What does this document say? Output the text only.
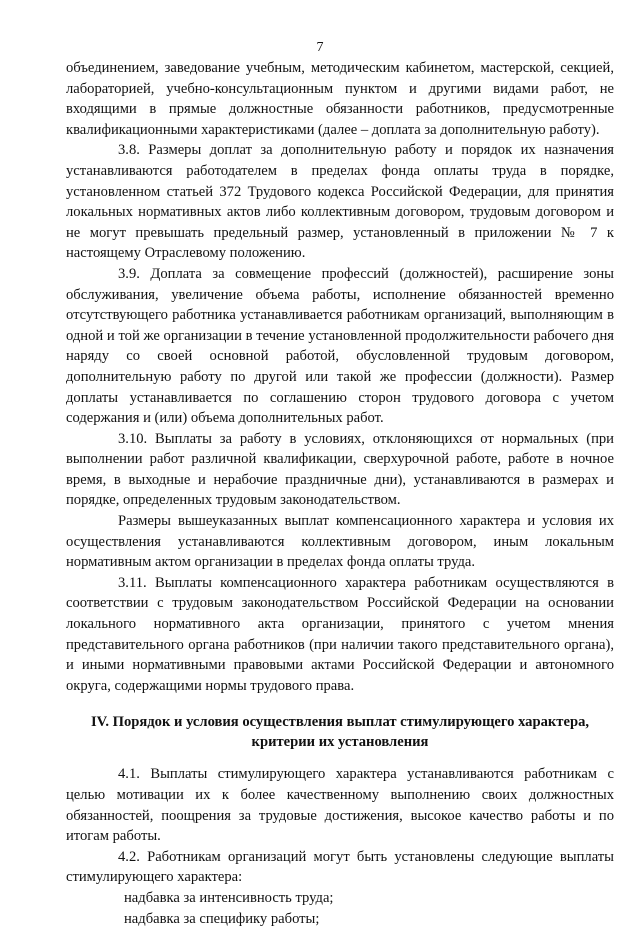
7

объединением, заведование учебным, методическим кабинетом, мастерской, секцией, лабораторией, учебно-консультационным пунктом и другими видами работ, не входящими в прямые должностные обязанности работников, предусмотренные квалификационными характеристиками (далее – доплата за дополнительную работу).

3.8. Размеры доплат за дополнительную работу и порядок их назначения устанавливаются работодателем в пределах фонда оплаты труда в порядке, установленном статьей 372 Трудового кодекса Российской Федерации, для принятия локальных нормативных актов либо коллективным договором, трудовым договором и не могут превышать предельный размер, установленный в приложении № 7 к настоящему Отраслевому положению.

3.9. Доплата за совмещение профессий (должностей), расширение зоны обслуживания, увеличение объема работы, исполнение обязанностей временно отсутствующего работника устанавливается работникам организаций, выполняющим в одной и той же организации в течение установленной продолжительности рабочего дня наряду со своей основной работой, обусловленной трудовым договором, дополнительную работу по другой или такой же профессии (должности). Размер доплаты устанавливается по соглашению сторон трудового договора с учетом содержания и (или) объема дополнительных работ.

3.10. Выплаты за работу в условиях, отклоняющихся от нормальных (при выполнении работ различной квалификации, сверхурочной работе, работе в ночное время, в выходные и нерабочие праздничные дни), устанавливаются в размерах и порядке, определенных трудовым законодательством.

Размеры вышеуказанных выплат компенсационного характера и условия их осуществления устанавливаются коллективным договором, иным локальным нормативным актом организации в пределах фонда оплаты труда.

3.11. Выплаты компенсационного характера работникам осуществляются в соответствии с трудовым законодательством Российской Федерации на основании локального нормативного акта организации, принятого с учетом мнения представительного органа работников (при наличии такого представительного органа), и иными нормативными правовыми актами Российской Федерации и автономного округа, содержащими нормы трудового права.

IV. Порядок и условия осуществления выплат стимулирующего характера, критерии их установления

4.1. Выплаты стимулирующего характера устанавливаются работникам с целью мотивации их к более качественному выполнению своих должностных обязанностей, поощрения за трудовые достижения, высокое качество работы и по итогам работы.

4.2. Работникам организаций могут быть установлены следующие выплаты стимулирующего характера:

надбавка за интенсивность труда;

надбавка за специфику работы;
